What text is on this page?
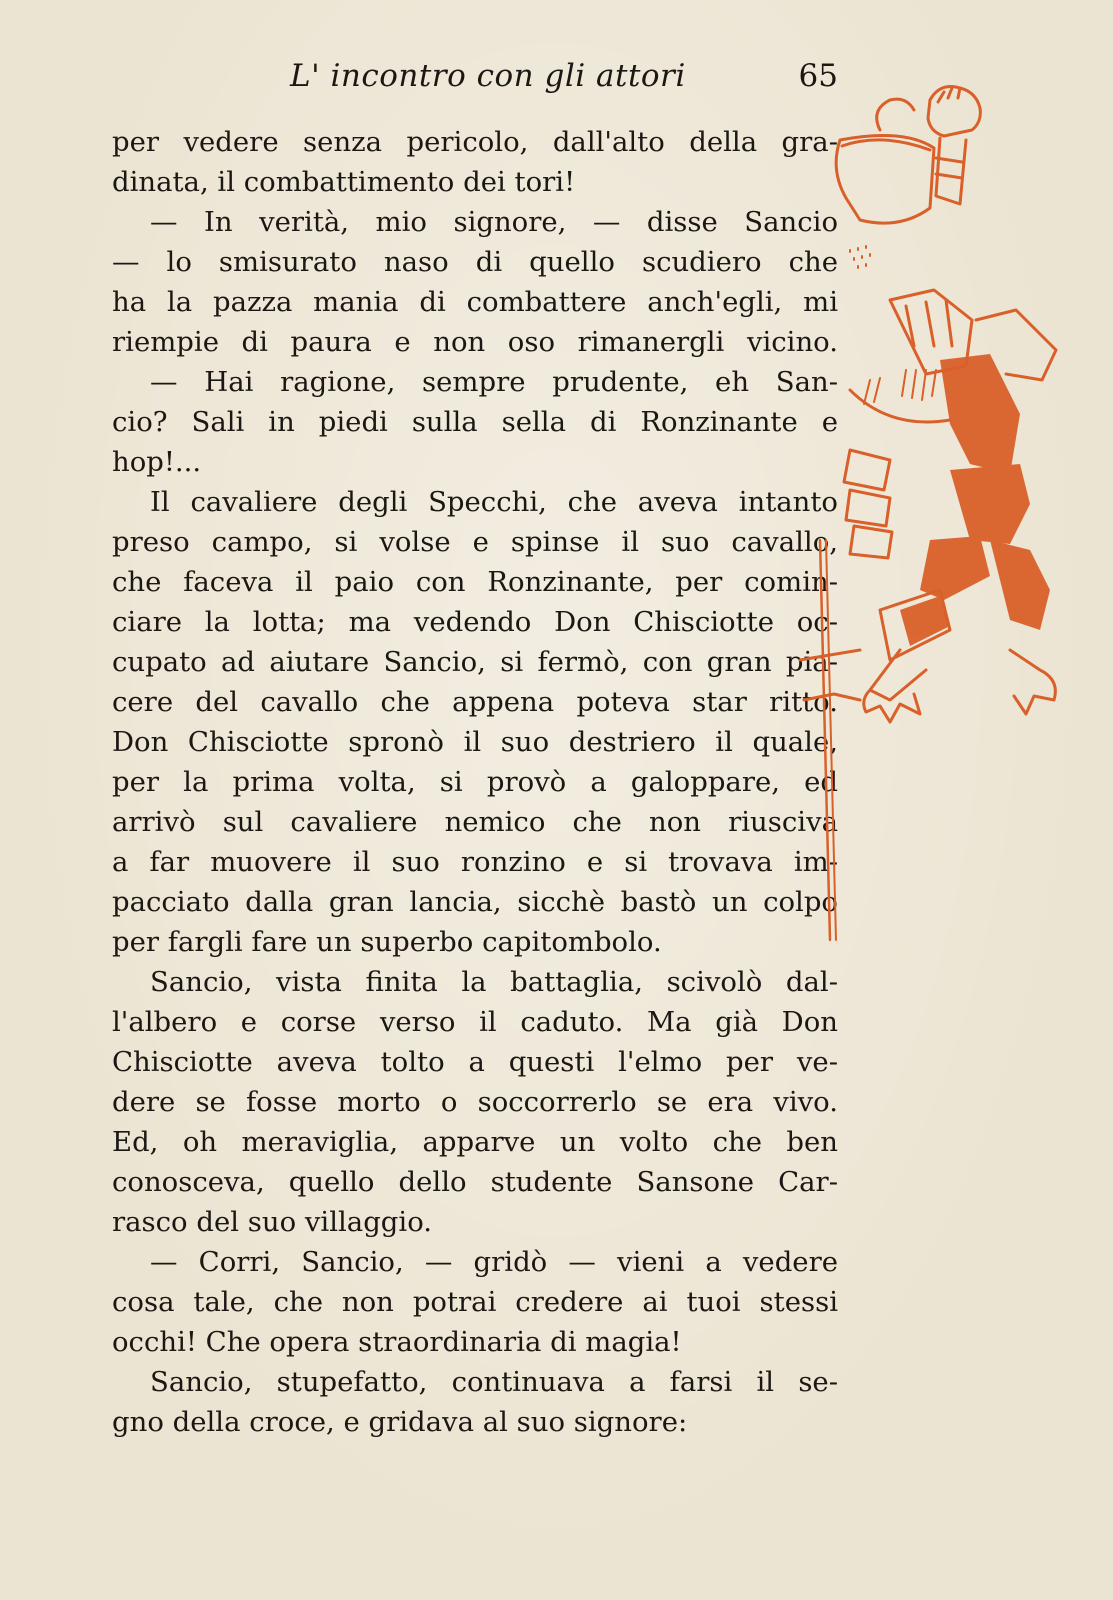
L' incontro con gli attori	65
per vedere senza pericolo, dall'alto della gra-
dinata, il combattimento dei tori!
— In verità, mio signore, — disse Sancio
— lo smisurato naso di quello scudiero che
ha la pazza mania di combattere anch'egli, mi
riempie di paura e non oso rimanergli vicino.
— Hai ragione, sempre prudente, eh San-
cio? Sali in piedi sulla sella di Ronzinante e
hop!...
Il cavaliere degli Specchi, che aveva intanto
preso campo, si volse e spinse il suo cavallo,
che faceva il paio con Ronzinante, per comin-
ciare la lotta; ma vedendo Don Chisciotte oc-
cupato ad aiutare Sancio, si fermò, con gran pia-
cere del cavallo che appena poteva star ritto.
Don Chisciotte spronò il suo destriero il quale,
per la prima volta, si provò a galoppare, ed
arrivò sul cavaliere nemico che non riusciva
a far muovere il suo ronzino e si trovava im-
pacciato dalla gran lancia, sicchè bastò un colpo
per fargli fare un superbo capitombolo.
Sancio, vista finita la battaglia, scivolò dal-
l'albero e corse verso il caduto. Ma già Don
Chisciotte aveva tolto a questi l'elmo per ve-
dere se fosse morto o soccorrerlo se era vivo.
Ed, oh meraviglia, apparve un volto che ben
conosceva, quello dello studente Sansone Car-
rasco del suo villaggio.
— Corri, Sancio, — gridò — vieni a vedere
cosa tale, che non potrai credere ai tuoi stessi
occhi! Che opera straordinaria di magia!
Sancio, stupefatto, continuava a farsi il se-
gno della croce, e gridava al suo signore:
